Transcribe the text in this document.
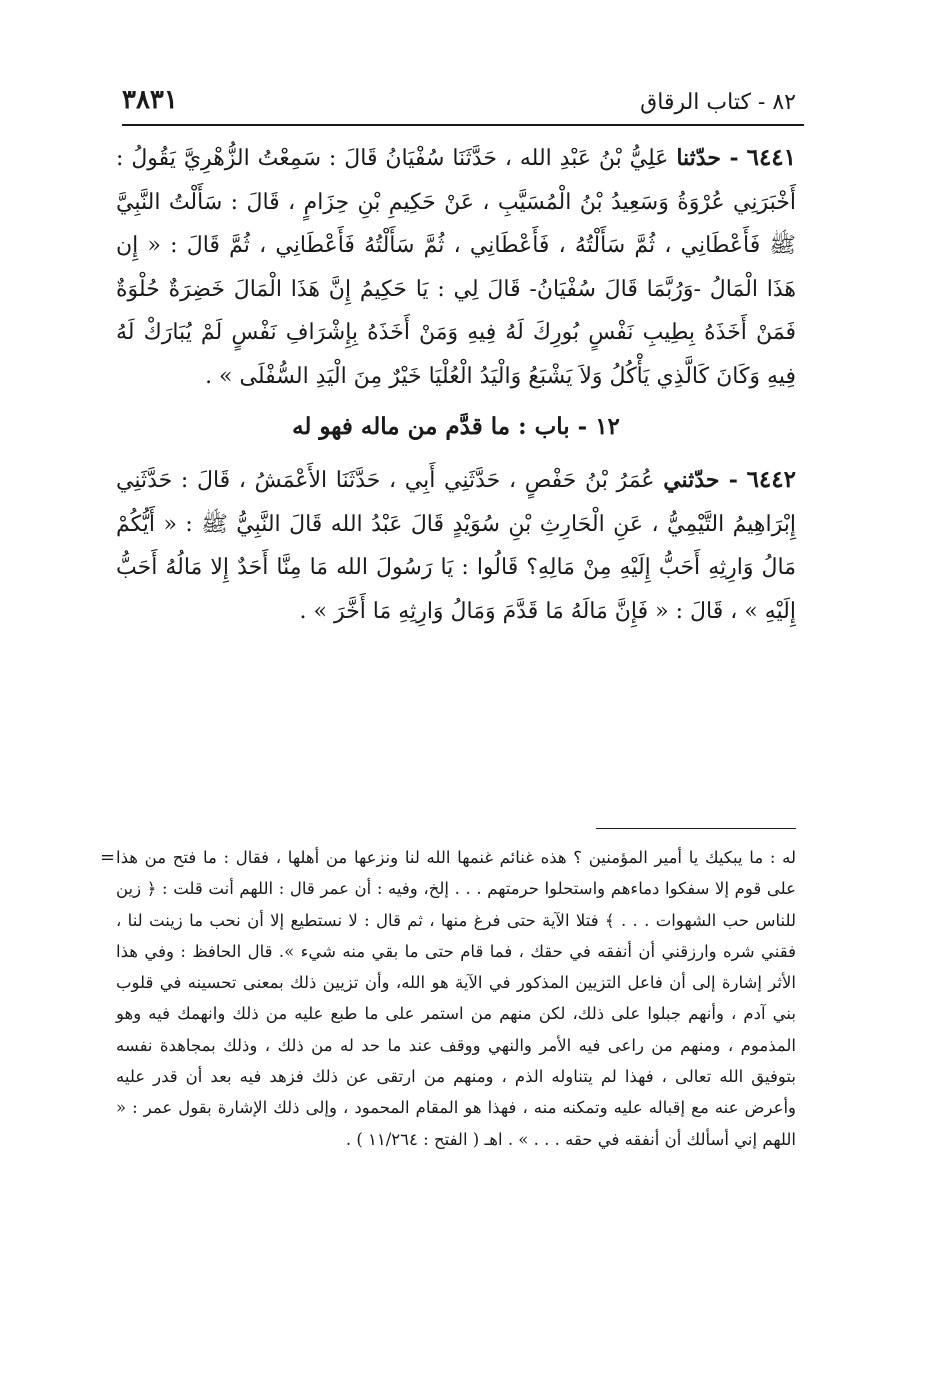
٨٢ - كتاب الرقاق
٣٨٣١

٦٤٤١ - حدّثنا عَلِيُّ بْنُ عَبْدِ الله ، حَدَّثَنَا سُفْيَانُ قَالَ : سَمِعْتُ الزُّهْرِيَّ يَقُولُ : أَخْبَرَنِي عُرْوَةُ وَسَعِيدُ بْنُ الْمُسَيَّبِ ، عَنْ حَكِيمِ بْنِ حِزَامٍ ، قَالَ : سَأَلْتُ النَّبِيَّ ﷺ فَأَعْطَانِي ، ثُمَّ سَأَلْتُهُ ، فَأَعْطَانِي ، ثُمَّ سَأَلْتُهُ فَأَعْطَانِي ، ثُمَّ قَالَ : « إِن هَذَا الْمَالُ -وَرُبَّمَا قَالَ سُفْيَانُ- قَالَ لِي : يَا حَكِيمُ إِنَّ هَذَا الْمَالَ خَضِرَةٌ حُلْوَةٌ فَمَنْ أَخَذَهُ بِطِيبِ نَفْسٍ بُورِكَ لَهُ فِيهِ وَمَنْ أَخَذَهُ بِإِشْرَافِ نَفْسٍ لَمْ يُبَارَكْ لَهُ فِيهِ وَكَانَ كَالَّذِي يَأْكُلُ وَلاَ يَشْبَعُ وَالْيَدُ الْعُلْيَا خَيْرٌ مِنَ الْيَدِ السُّفْلَى » .

١٢ - باب : ما قدَّم من ماله فهو له

٦٤٤٢ - حدّثني عُمَرُ بْنُ حَفْصٍ ، حَدَّثَنِي أَبِي ، حَدَّثَنَا الأَعْمَشُ ، قَالَ : حَدَّثَنِي إِبْرَاهِيمُ التَّيْمِيُّ ، عَنِ الْحَارِثِ بْنِ سُوَيْدٍ قَالَ عَبْدُ الله قَالَ النَّبِيُّ ﷺ : « أَيُّكُمْ مَالُ وَارِثِهِ أَحَبُّ إِلَيْهِ مِنْ مَالِهِ؟ قَالُوا : يَا رَسُولَ الله مَا مِنَّا أَحَدٌ إِلا مَالُهُ أَحَبُّ إِلَيْهِ » ، قَالَ : « فَإِنَّ مَالَهُ مَا قَدَّمَ وَمَالُ وَارِثِهِ مَا أَخَّرَ » .

= له : ما يبكيك يا أمير المؤمنين ؟ هذه غنائم غنمها الله لنا ونزعها من أهلها ، فقال : ما فتح من هذا على قوم إلا سفكوا دماءهم واستحلوا حرمتهم . . . إلخ، وفيه : أن عمر قال : اللهم أنت قلت : ﴿ زين للناس حب الشهوات . . . ﴾ فتلا الآية حتى فرغ منها ، ثم قال : لا نستطيع إلا أن نحب ما زينت لنا ، فقني شره وارزقني أن أنفقه في حقك ، فما قام حتى ما بقي منه شيء ». قال الحافظ : وفي هذا الأثر إشارة إلى أن فاعل التزيين المذكور في الآية هو الله، وأن تزيين ذلك بمعنى تحسينه في قلوب بني آدم ، وأنهم جبلوا على ذلك، لكن منهم من استمر على ما طبع عليه من ذلك وانهمك فيه وهو المذموم ، ومنهم من راعى فيه الأمر والنهي ووقف عند ما حد له من ذلك ، وذلك بمجاهدة نفسه بتوفيق الله تعالى ، فهذا لم يتناوله الذم ، ومنهم من ارتقى عن ذلك فزهد فيه بعد أن قدر عليه وأعرض عنه مع إقباله عليه وتمكنه منه ، فهذا هو المقام المحمود ، وإلى ذلك الإشارة بقول عمر : « اللهم إني أسألك أن أنفقه في حقه . . . » . اهـ ( الفتح : ١١/٢٦٤ ) .
